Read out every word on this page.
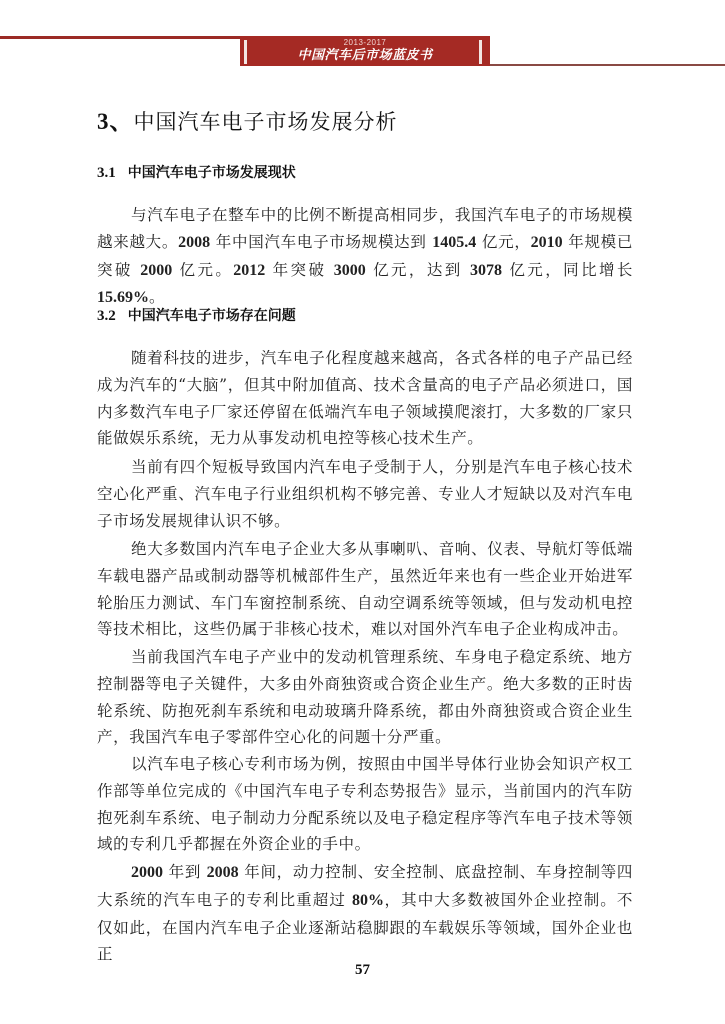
2013-2017
中国汽车后市场蓝皮书
3、中国汽车电子市场发展分析
3.1 中国汽车电子市场发展现状

与汽车电子在整车中的比例不断提高相同步，我国汽车电子的市场规模越来越大。2008 年中国汽车电子市场规模达到 1405.4 亿元，2010 年规模已突破 2000 亿元。2012 年突破 3000 亿元，达到 3078 亿元，同比增长 15.69%。

3.2 中国汽车电子市场存在问题

随着科技的进步，汽车电子化程度越来越高，各式各样的电子产品已经成为汽车的“大脑”，但其中附加值高、技术含量高的电子产品必须进口，国内多数汽车电子厂家还停留在低端汽车电子领域摸爬滚打，大多数的厂家只能做娱乐系统，无力从事发动机电控等核心技术生产。

当前有四个短板导致国内汽车电子受制于人，分别是汽车电子核心技术空心化严重、汽车电子行业组织机构不够完善、专业人才短缺以及对汽车电子市场发展规律认识不够。

绝大多数国内汽车电子企业大多从事喇叭、音响、仪表、导航灯等低端车载电器产品或制动器等机械部件生产，虽然近年来也有一些企业开始进军轮胎压力测试、车门车窗控制系统、自动空调系统等领域，但与发动机电控等技术相比，这些仍属于非核心技术，难以对国外汽车电子企业构成冲击。

当前我国汽车电子产业中的发动机管理系统、车身电子稳定系统、地方控制器等电子关键件，大多由外商独资或合资企业生产。绝大多数的正时齿轮系统、防抱死刹车系统和电动玻璃升降系统，都由外商独资或合资企业生产，我国汽车电子零部件空心化的问题十分严重。

以汽车电子核心专利市场为例，按照由中国半导体行业协会知识产权工作部等单位完成的《中国汽车电子专利态势报告》显示，当前国内的汽车防抱死刹车系统、电子制动力分配系统以及电子稳定程序等汽车电子技术等领域的专利几乎都握在外资企业的手中。

2000 年到 2008 年间，动力控制、安全控制、底盘控制、车身控制等四大系统的汽车电子的专利比重超过 80%，其中大多数被国外企业控制。不仅如此，在国内汽车电子企业逐渐站稳脚跟的车载娱乐等领域，国外企业也正

57
